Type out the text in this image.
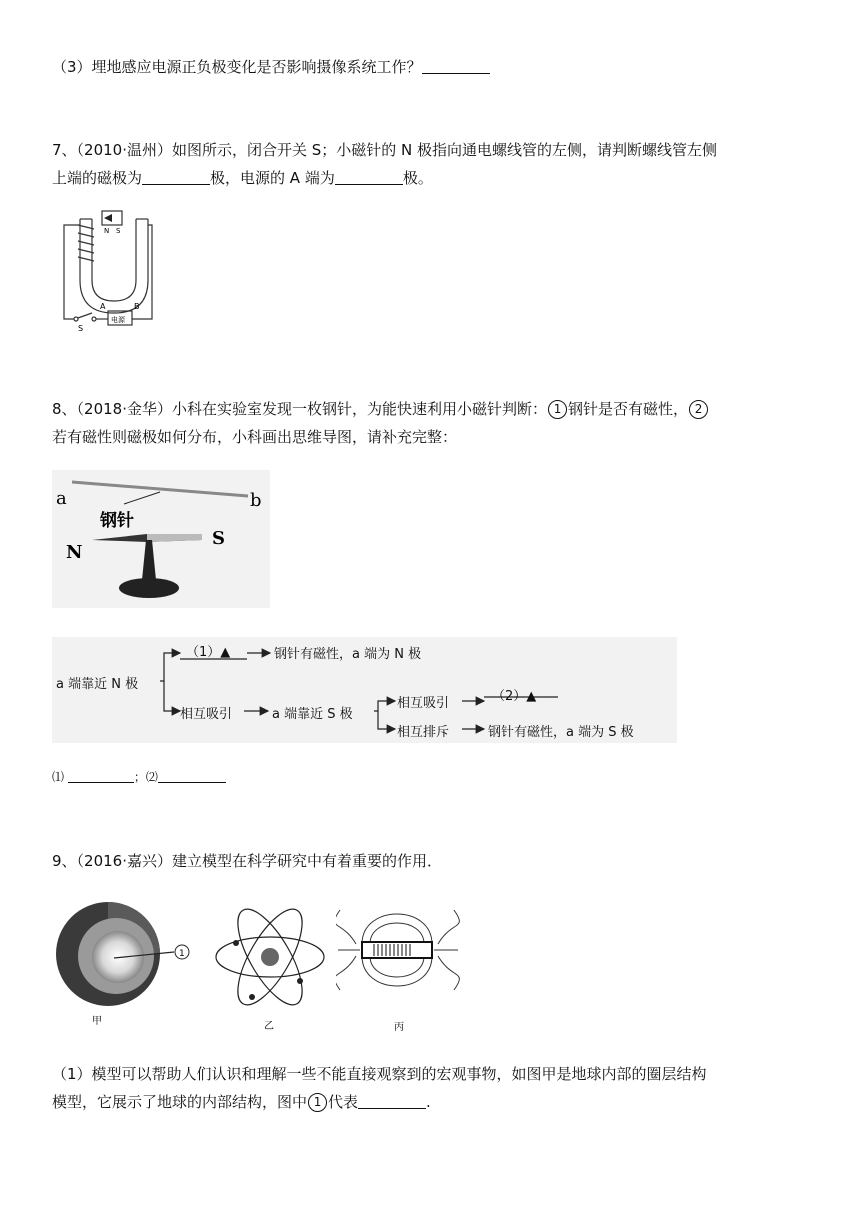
（3）埋地感应电源正负极变化是否影响摄像系统工作？
7、（2010·温州）如图所示，闭合开关 S；小磁针的 N 极指向通电螺线管的左侧，请判断螺线管左侧
上端的磁极为	极，电源的 A 端为	极。
N S
S
A	B
电源
8、（2018·金华）小科在实验室发现一枚钢针，为能快速利用小磁针判断： 1 钢针是否有磁性， 2
若有磁性则磁极如何分布，小科画出思维导图，请补充完整：
a	b
钢针
N
S
a 端靠近 N 极
（1）▲	钢针有磁性，a 端为 N 极
相互吸引	a 端靠近 S 极
相互吸引	（2）▲
相互排斥	钢针有磁性，a 端为 S 极
⑴	；⑵
9、（2016·嘉兴）建立模型在科学研究中有着重要的作用．
1
甲	乙	丙
（1）模型可以帮助人们认识和理解一些不能直接观察到的宏观事物，如图甲是地球内部的圈层结构
模型，它展示了地球的内部结构，图中 1 代表	.
